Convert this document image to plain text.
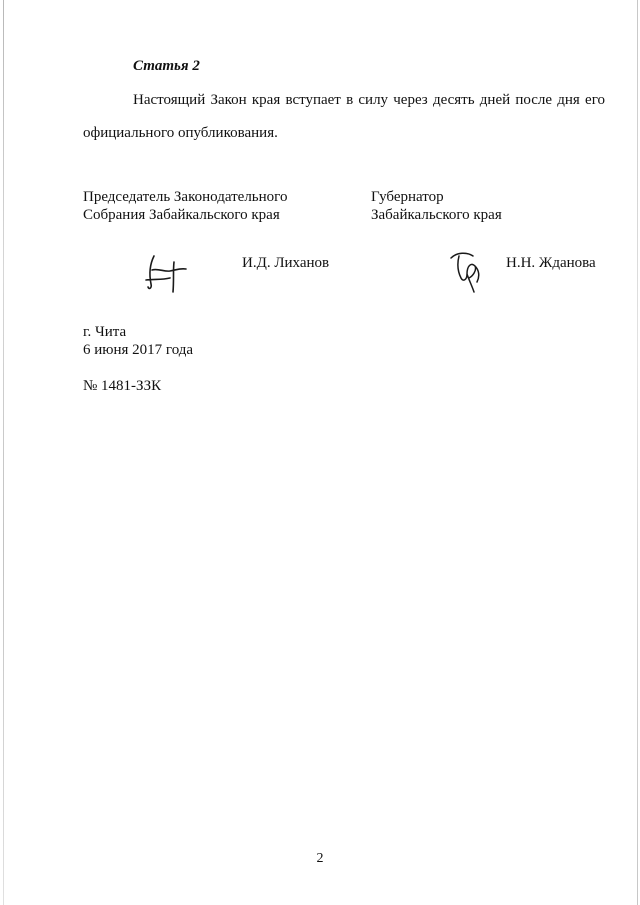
Статья 2
Настоящий Закон края вступает в силу через десять дней после дня его официального опубликования.
Председатель Законодательного
Собрания Забайкальского края
Губернатор
Забайкальского края
И.Д. Лиханов	Н.Н. Жданова
г. Чита
6 июня 2017 года
№ 1481-ЗЗК
2
